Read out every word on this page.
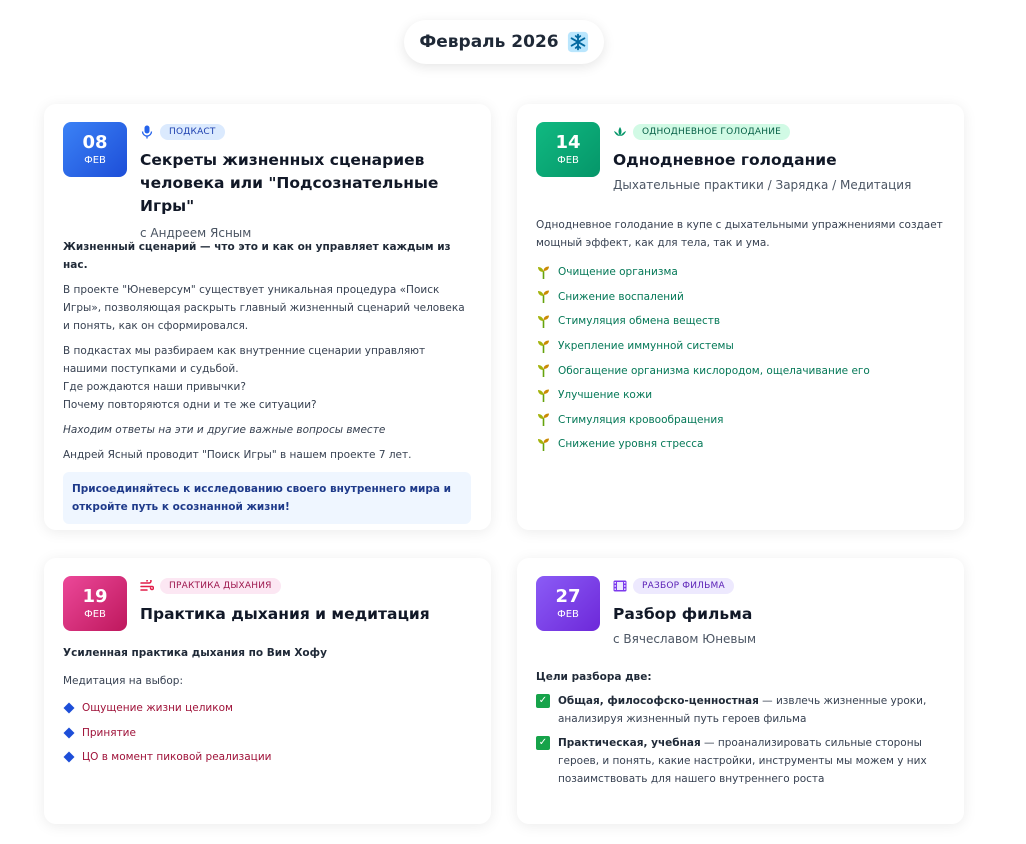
Февраль 2026
08
ФЕВ
ПОДКАСТ
Секреты жизненных сценариев человека или "Подсознательные Игры"
с Андреем Ясным

Жизненный сценарий — что это и как он управляет каждым из нас.

В проекте "Юневерсум" существует уникальная процедура «Поиск Игры», позволяющая раскрыть главный жизненный сценарий человека и понять, как он сформировался.

В подкастах мы разбираем как внутренние сценарии управляют нашими поступками и судьбой.
Где рождаются наши привычки?
Почему повторяются одни и те же ситуации?

Находим ответы на эти и другие важные вопросы вместе

Андрей Ясный проводит "Поиск Игры" в нашем проекте 7 лет.

Присоединяйтесь к исследованию своего внутреннего мира и откройте путь к осознанной жизни!
14
ФЕВ
ОДНОДНЕВНОЕ ГОЛОДАНИЕ
Однодневное голодание
Дыхательные практики / Зарядка / Медитация

Однодневное голодание в купе с дыхательными упражнениями создает мощный эффект, как для тела, так и ума.

Очищение организма
Снижение воспалений
Стимуляция обмена веществ
Укрепление иммунной системы
Обогащение организма кислородом, ощелачивание его
Улучшение кожи
Стимуляция кровообращения
Снижение уровня стресса
19
ФЕВ
ПРАКТИКА ДЫХАНИЯ
Практика дыхания и медитация

Усиленная практика дыхания по Вим Хофу

Медитация на выбор:

Ощущение жизни целиком
Принятие
ЦО в момент пиковой реализации
27
ФЕВ
РАЗБОР ФИЛЬМА
Разбор фильма
с Вячеславом Юневым

Цели разбора две:

✓ Общая, философско-ценностная — извлечь жизненные уроки, анализируя жизненный путь героев фильма
✓ Практическая, учебная — проанализировать сильные стороны героев, и понять, какие настройки, инструменты мы можем у них позаимствовать для нашего внутреннего роста
